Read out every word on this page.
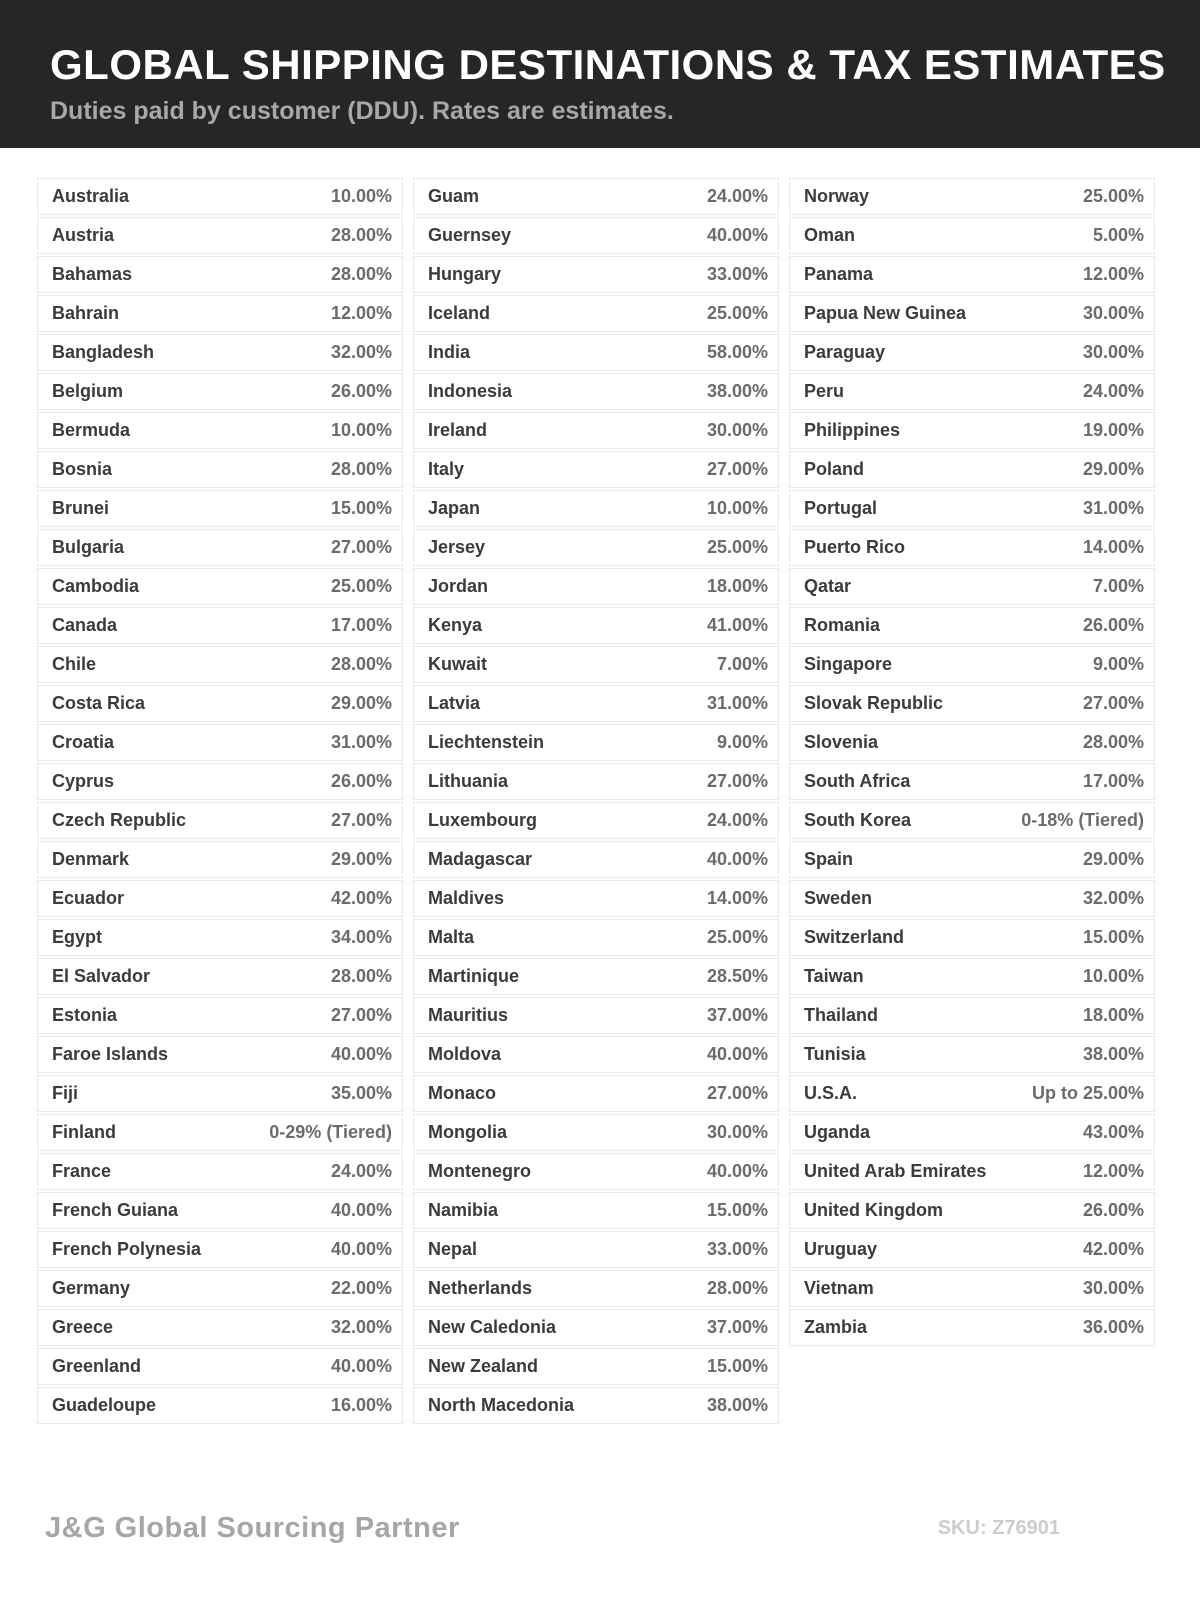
GLOBAL SHIPPING DESTINATIONS & TAX ESTIMATES

Duties paid by customer (DDU). Rates are estimates.

Australia	10.00%
Austria	28.00%
Bahamas	28.00%
Bahrain	12.00%
Bangladesh	32.00%
Belgium	26.00%
Bermuda	10.00%
Bosnia	28.00%
Brunei	15.00%
Bulgaria	27.00%
Cambodia	25.00%
Canada	17.00%
Chile	28.00%
Costa Rica	29.00%
Croatia	31.00%
Cyprus	26.00%
Czech Republic	27.00%
Denmark	29.00%
Ecuador	42.00%
Egypt	34.00%
El Salvador	28.00%
Estonia	27.00%
Faroe Islands	40.00%
Fiji	35.00%
Finland	0-29% (Tiered)
France	24.00%
French Guiana	40.00%
French Polynesia	40.00%
Germany	22.00%
Greece	32.00%
Greenland	40.00%
Guadeloupe	16.00%
Guam	24.00%
Guernsey	40.00%
Hungary	33.00%
Iceland	25.00%
India	58.00%
Indonesia	38.00%
Ireland	30.00%
Italy	27.00%
Japan	10.00%
Jersey	25.00%
Jordan	18.00%
Kenya	41.00%
Kuwait	7.00%
Latvia	31.00%
Liechtenstein	9.00%
Lithuania	27.00%
Luxembourg	24.00%
Madagascar	40.00%
Maldives	14.00%
Malta	25.00%
Martinique	28.50%
Mauritius	37.00%
Moldova	40.00%
Monaco	27.00%
Mongolia	30.00%
Montenegro	40.00%
Namibia	15.00%
Nepal	33.00%
Netherlands	28.00%
New Caledonia	37.00%
New Zealand	15.00%
North Macedonia	38.00%
Norway	25.00%
Oman	5.00%
Panama	12.00%
Papua New Guinea	30.00%
Paraguay	30.00%
Peru	24.00%
Philippines	19.00%
Poland	29.00%
Portugal	31.00%
Puerto Rico	14.00%
Qatar	7.00%
Romania	26.00%
Singapore	9.00%
Slovak Republic	27.00%
Slovenia	28.00%
South Africa	17.00%
South Korea	0-18% (Tiered)
Spain	29.00%
Sweden	32.00%
Switzerland	15.00%
Taiwan	10.00%
Thailand	18.00%
Tunisia	38.00%
U.S.A.	Up to 25.00%
Uganda	43.00%
United Arab Emirates	12.00%
United Kingdom	26.00%
Uruguay	42.00%
Vietnam	30.00%
Zambia	36.00%
J&G Global Sourcing Partner	SKU: Z76901
